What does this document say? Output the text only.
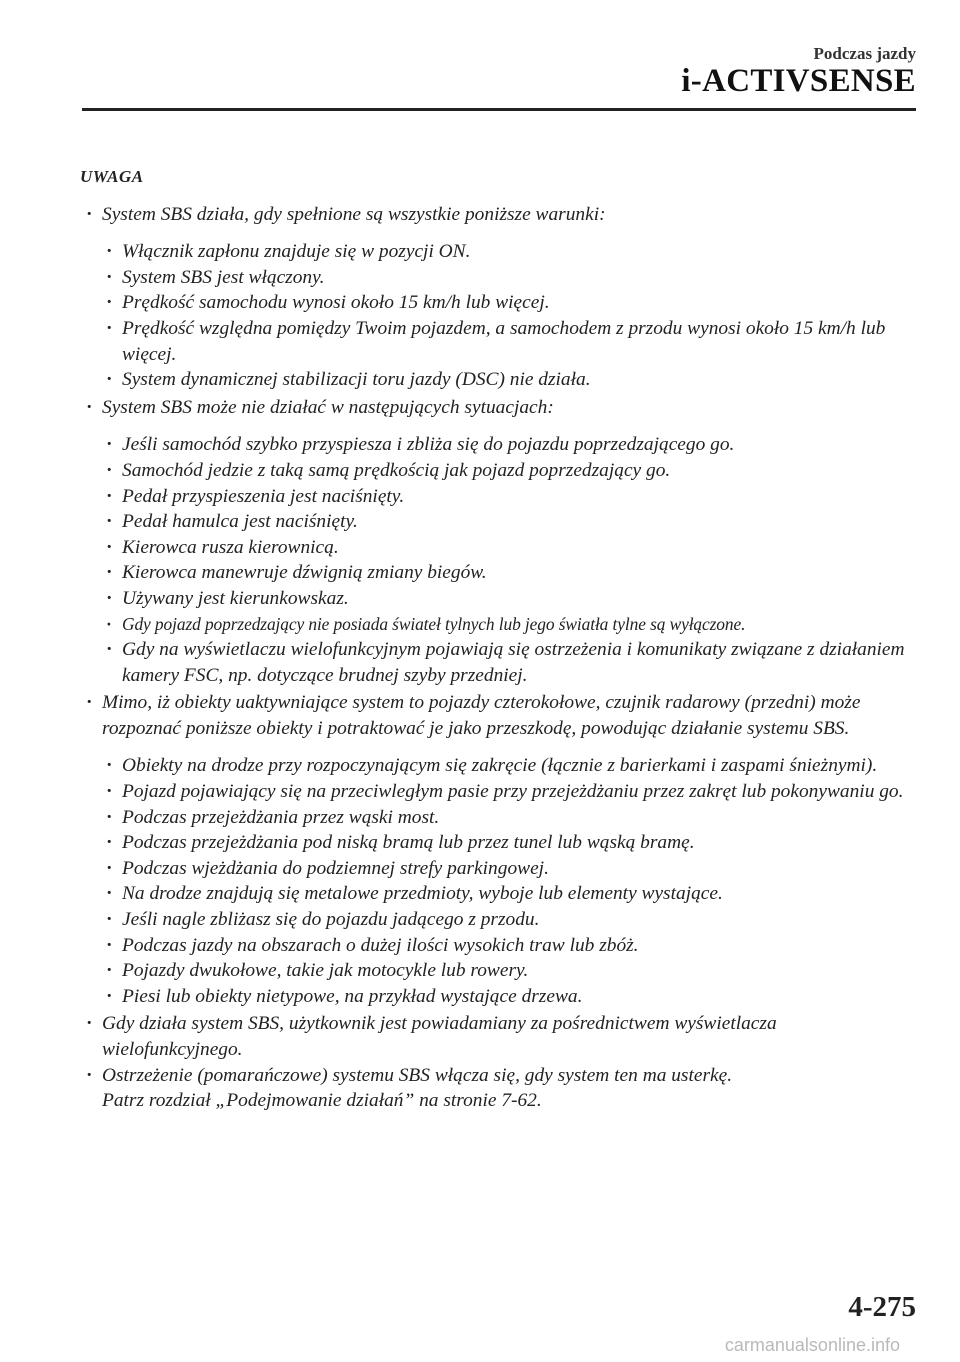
Podczas jazdy
i-ACTIVSENSE
UWAGA
· System SBS działa, gdy spełnione są wszystkie poniższe warunki:
· Włącznik zapłonu znajduje się w pozycji ON.
· System SBS jest włączony.
· Prędkość samochodu wynosi około 15 km/h lub więcej.
· Prędkość względna pomiędzy Twoim pojazdem, a samochodem z przodu wynosi około 15 km/h lub więcej.
· System dynamicznej stabilizacji toru jazdy (DSC) nie działa.
· System SBS może nie działać w następujących sytuacjach:
· Jeśli samochód szybko przyspiesza i zbliża się do pojazdu poprzedzającego go.
· Samochód jedzie z taką samą prędkością jak pojazd poprzedzający go.
· Pedał przyspieszenia jest naciśnięty.
· Pedał hamulca jest naciśnięty.
· Kierowca rusza kierownicą.
· Kierowca manewruje dźwignią zmiany biegów.
· Używany jest kierunkowskaz.
· Gdy pojazd poprzedzający nie posiada świateł tylnych lub jego światła tylne są wyłączone.
· Gdy na wyświetlaczu wielofunkcyjnym pojawiają się ostrzeżenia i komunikaty związane z działaniem kamery FSC, np. dotyczące brudnej szyby przedniej.
· Mimo, iż obiekty uaktywniające system to pojazdy czterokołowe, czujnik radarowy (przedni) może rozpoznać poniższe obiekty i potraktować je jako przeszkodę, powodując działanie systemu SBS.
· Obiekty na drodze przy rozpoczynającym się zakręcie (łącznie z barierkami i zaspami śnieżnymi).
· Pojazd pojawiający się na przeciwległym pasie przy przejeżdżaniu przez zakręt lub pokonywaniu go.
· Podczas przejeżdżania przez wąski most.
· Podczas przejeżdżania pod niską bramą lub przez tunel lub wąską bramę.
· Podczas wjeżdżania do podziemnej strefy parkingowej.
· Na drodze znajdują się metalowe przedmioty, wyboje lub elementy wystające.
· Jeśli nagle zbliżasz się do pojazdu jadącego z przodu.
· Podczas jazdy na obszarach o dużej ilości wysokich traw lub zbóż.
· Pojazdy dwukołowe, takie jak motocykle lub rowery.
· Piesi lub obiekty nietypowe, na przykład wystające drzewa.
· Gdy działa system SBS, użytkownik jest powiadamiany za pośrednictwem wyświetlacza wielofunkcyjnego.
· Ostrzeżenie (pomarańczowe) systemu SBS włącza się, gdy system ten ma usterkę.
Patrz rozdział „Podejmowanie działań” na stronie 7-62.
4-275
carmanualsonline.info
